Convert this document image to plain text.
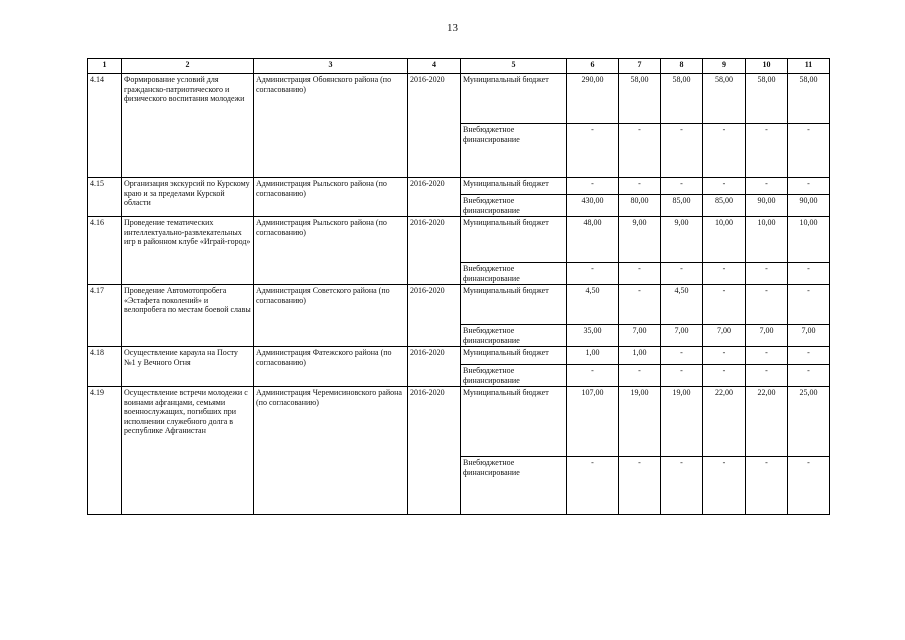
13
1	2	3	4	5	6	7	8	9	10	11
4.14	Формирование условий для гражданско-патриотического и физического воспитания молодежи	Администрация Обоянского района (по согласованию)	2016-2020	Муниципальный бюджет	290,00	58,00	58,00	58,00	58,00	58,00
				Внебюджетное финансирование	-	-	-	-	-	-
4.15	Организация экскурсий по Курскому краю и за пределами Курской области	Администрация Рыльского района (по согласованию)	2016-2020	Муниципальный бюджет	-	-	-	-	-	-
				Внебюджетное финансирование	430,00	80,00	85,00	85,00	90,00	90,00
4.16	Проведение тематических интеллектуально-развлекательных игр в районном клубе «Играй-город»	Администрация Рыльского района (по согласованию)	2016-2020	Муниципальный бюджет	48,00	9,00	9,00	10,00	10,00	10,00
				Внебюджетное финансирование	-	-	-	-	-	-
4.17	Проведение Автомотопробега «Эстафета поколений» и велопробега по местам боевой славы	Администрация Советского района (по согласованию)	2016-2020	Муниципальный бюджет	4,50	-	4,50	-	-	-
				Внебюджетное финансирование	35,00	7,00	7,00	7,00	7,00	7,00
4.18	Осуществление караула на Посту №1 у Вечного Огня	Администрация Фатежского района (по согласованию)	2016-2020	Муниципальный бюджет	1,00	1,00	-	-	-	-
				Внебюджетное финансирование	-	-	-	-	-	-
4.19	Осуществление встречи молодежи с воинами афганцами, семьями военнослужащих, погибших при исполнении служебного долга в республике Афганистан	Администрация Черемисиновского района (по согласованию)	2016-2020	Муниципальный бюджет	107,00	19,00	19,00	22,00	22,00	25,00
				Внебюджетное финансирование	-	-	-	-	-	-
